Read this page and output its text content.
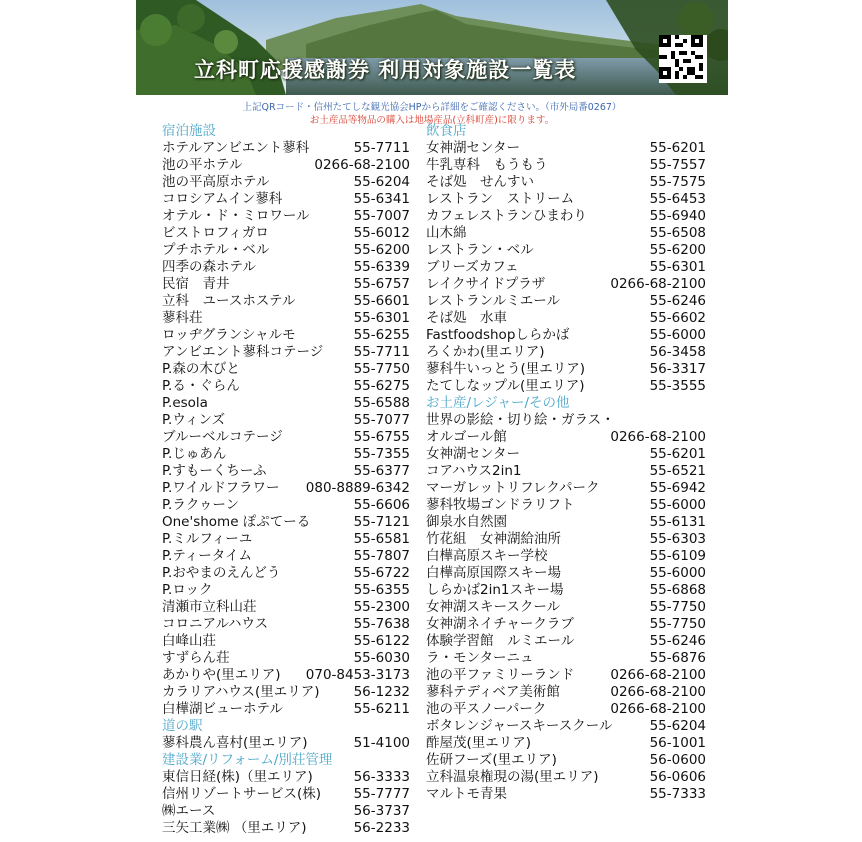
立科町応援感謝券 利用対象施設一覧表
上記QRコード・信州たてしな観光協会HPから詳細をご確認ください。（市外局番0267）
お土産品等物品の購入は地場産品(立科町産)に限ります。
宿泊施設
ホテルアンビエント蓼科	55-7711
池の平ホテル	0266-68-2100
池の平高原ホテル	55-6204
コロシアムイン蓼科	55-6341
オテル・ド・ミロワール	55-7007
ビストロフィガロ	55-6012
プチホテル・ベル	55-6200
四季の森ホテル	55-6339
民宿　青井	55-6757
立科　ユースホステル	55-6601
蓼科荘	55-6301
ロッヂグランシャルモ	55-6255
アンビエント蓼科コテージ 55-7711
P.森の木びと	55-7750
P.る・ぐらん	55-6275
P.esola	55-6588
P.ウィンズ	55-7077
ブルーベルコテージ	55-6755
P.じゅあん	55-7355
P.すもーくちーふ	55-6377
P.ワイルドフラワー 080-8889-6342
P.ラクゥーン	55-6606
One'shome ぽぷてーる	55-7121
P.ミルフィーユ	55-6581
P.ティータイム	55-7807
P.おやまのえんどう	55-6722
P.ロック	55-6355
清瀬市立科山荘	55-2300
コロニアルハウス	55-7638
白峰山荘	55-6122
すずらん荘	55-6030
あかりや(里エリア) 070-8453-3173
カラリアハウス(里エリア)	56-1232
白樺湖ビューホテル	55-6211
道の駅
蓼科農ん喜村(里エリア)	51-4100
建設業/リフォーム/別荘管理
東信日経(株)（里エリア)	56-3333
信州リゾートサービス(株) 55-7777
㈱エース	56-3737
三矢工業㈱ （里エリア)	56-2233
飲食店
女神湖センター	55-6201
牛乳専科　もうもう	55-7557
そば処　せんすい	55-7575
レストラン　ストリーム	55-6453
カフェレストランひまわり	55-6940
山木綿	55-6508
レストラン・ベル	55-6200
ブリーズカフェ	55-6301
レイクサイドプラザ	0266-68-2100
レストランルミエール	55-6246
そば処　水車	55-6602
Fastfoodshopしらかば	55-6000
ろくかわ(里エリア)	56-3458
蓼科牛いっとう(里エリア)	56-3317
たてしなップル(里エリア)	55-3555
お土産/レジャー/その他
世界の影絵・切り絵・ガラス・
オルゴール館	0266-68-2100
女神湖センター	55-6201
コアハウス2in1	55-6521
マーガレットリフレクパーク	55-6942
蓼科牧場ゴンドラリフト	55-6000
御泉水自然園	55-6131
竹花組　女神湖給油所	55-6303
白樺高原スキー学校	55-6109
白樺高原国際スキー場	55-6000
しらかば2in1スキー場	55-6868
女神湖スキースクール	55-7750
女神湖ネイチャークラブ	55-7750
体験学習館　ルミエール	55-6246
ラ・モンターニュ	55-6876
池の平ファミリーランド	0266-68-2100
蓼科テディベア美術館	0266-68-2100
池の平スノーパーク	0266-68-2100
ボタレンジャースキースクール	55-6204
酢屋茂(里エリア)	56-1001
佐研フーズ(里エリア)	56-0600
立科温泉権現の湯(里エリア)	56-0606
マルトモ青果	55-7333
